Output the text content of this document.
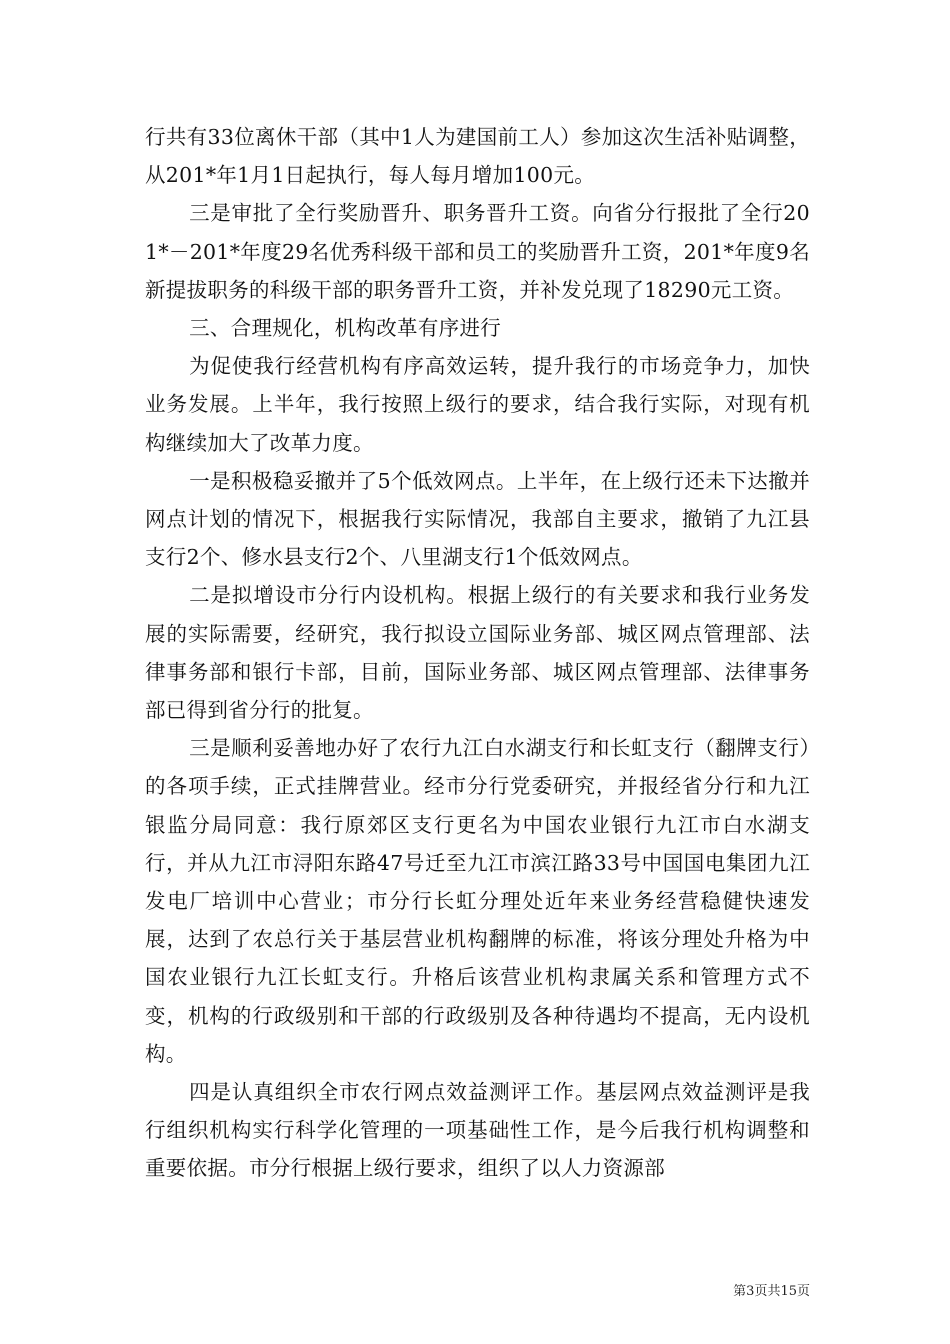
行共有33位离休干部（其中1人为建国前工人）参加这次生活补贴调整，从201*年1月1日起执行，每人每月增加100元。

三是审批了全行奖励晋升、职务晋升工资。向省分行报批了全行201*－201*年度29名优秀科级干部和员工的奖励晋升工资，201*年度9名新提拔职务的科级干部的职务晋升工资，并补发兑现了18290元工资。

三、合理规化，机构改革有序进行

为促使我行经营机构有序高效运转，提升我行的市场竞争力，加快业务发展。上半年，我行按照上级行的要求，结合我行实际，对现有机构继续加大了改革力度。

一是积极稳妥撤并了5个低效网点。上半年，在上级行还未下达撤并网点计划的情况下，根据我行实际情况，我部自主要求，撤销了九江县支行2个、修水县支行2个、八里湖支行1个低效网点。

二是拟增设市分行内设机构。根据上级行的有关要求和我行业务发展的实际需要，经研究，我行拟设立国际业务部、城区网点管理部、法律事务部和银行卡部，目前，国际业务部、城区网点管理部、法律事务部已得到省分行的批复。

三是顺利妥善地办好了农行九江白水湖支行和长虹支行（翻牌支行）的各项手续，正式挂牌营业。经市分行党委研究，并报经省分行和九江银监分局同意：我行原郊区支行更名为中国农业银行九江市白水湖支行，并从九江市浔阳东路47号迁至九江市滨江路33号中国国电集团九江发电厂培训中心营业；市分行长虹分理处近年来业务经营稳健快速发展，达到了农总行关于基层营业机构翻牌的标准，将该分理处升格为中国农业银行九江长虹支行。升格后该营业机构隶属关系和管理方式不变，机构的行政级别和干部的行政级别及各种待遇均不提高，无内设机构。

四是认真组织全市农行网点效益测评工作。基层网点效益测评是我行组织机构实行科学化管理的一项基础性工作，是今后我行机构调整和重要依据。市分行根据上级行要求，组织了以人力资源部

第3页共15页
